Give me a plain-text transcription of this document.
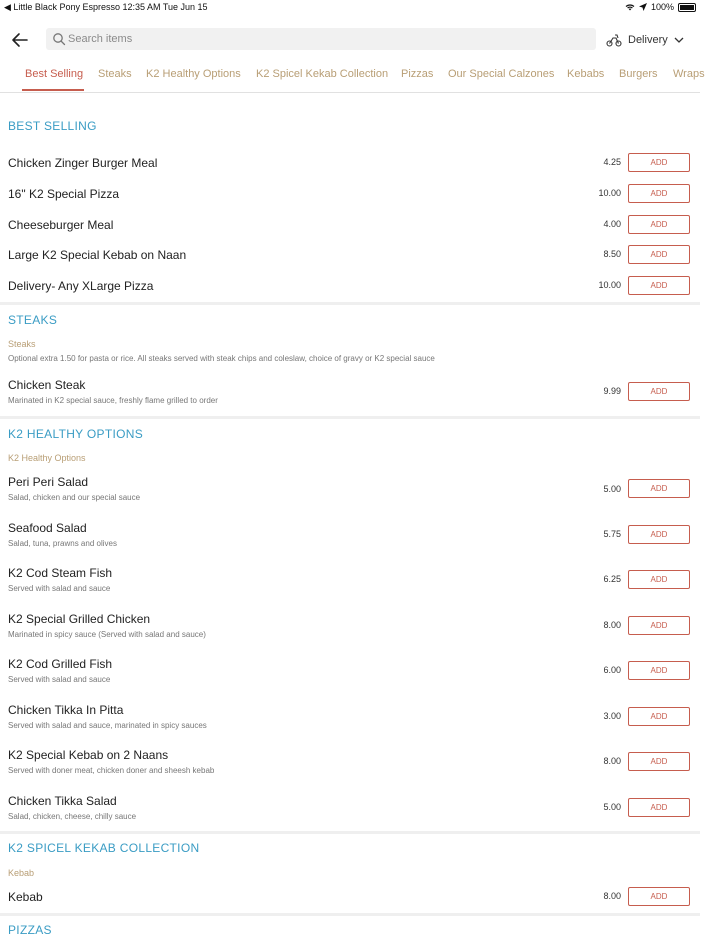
◀ Little Black Pony Espresso 12:35 AM Tue Jun 15	100%
Search items
Delivery
Best Selling Steaks K2 Healthy Options K2 Spicel Kekab Collection Pizzas Our Special Calzones Kebabs Burgers Wraps
BEST SELLING
Chicken Zinger Burger Meal	4.25	ADD
16" K2 Special Pizza	10.00	ADD
Cheeseburger Meal	4.00	ADD
Large K2 Special Kebab on Naan	8.50	ADD
Delivery- Any XLarge Pizza	10.00	ADD
STEAKS
Steaks
Optional extra 1.50 for pasta or rice. All steaks served with steak chips and coleslaw, choice of gravy or K2 special sauce
Chicken Steak
Marinated in K2 special sauce, freshly flame grilled to order
9.99	ADD
K2 HEALTHY OPTIONS
K2 Healthy Options
Peri Peri Salad
Salad, chicken and our special sauce
5.00	ADD
Seafood Salad
Salad, tuna, prawns and olives
5.75	ADD
K2 Cod Steam Fish
Served with salad and sauce
6.25	ADD
K2 Special Grilled Chicken
Marinated in spicy sauce (Served with salad and sauce)
8.00	ADD
K2 Cod Grilled Fish
Served with salad and sauce
6.00	ADD
Chicken Tikka In Pitta
Served with salad and sauce, marinated in spicy sauces
3.00	ADD
K2 Special Kebab on 2 Naans
Served with doner meat, chicken doner and sheesh kebab
8.00	ADD
Chicken Tikka Salad
Salad, chicken, cheese, chilly sauce
5.00	ADD
K2 SPICEL KEKAB COLLECTION
Kebab
Kebab	8.00	ADD
PIZZAS
